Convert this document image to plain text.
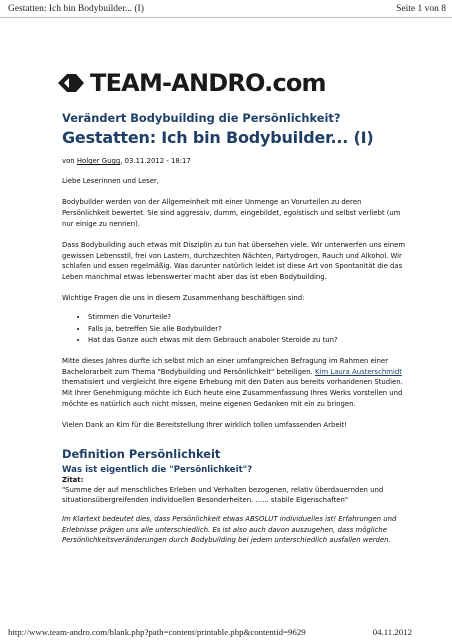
Gestatten: Ich bin Bodybuilder... (I)	Seite 1 von 8
TEAM-ANDRO.com
Verändert Bodybuilding die Persönlichkeit?
Gestatten: Ich bin Bodybuilder... (I)
von Holger Gugg, 03.11.2012 - 18:17

Liebe Leserinnen und Leser,

Bodybuilder werden von der Allgemeinheit mit einer Unmenge an Vorurteilen zu deren Persönlichkeit bewertet. Sie sind aggressiv, dumm, eingebildet, egoistisch und selbst verliebt (um nur einige zu nennen).

Dass Bodybuilding auch etwas mit Disziplin zu tun hat übersehen viele. Wir unterwerfen uns einem gewissen Lebensstil, frei von Lastern, durchzechten Nächten, Partydrogen, Rauch und Alkohol. Wir schlafen und essen regelmäßig. Was darunter natürlich leidet ist diese Art von Spontanität die das Leben manchmal etwas lebenswerter macht aber das ist eben Bodybuilding.

Wichtige Fragen die uns in diesem Zusammenhang beschäftigen sind:

• Stimmen die Vorurteile?
• Falls ja, betreffen Sie alle Bodybuilder?
• Hat das Ganze auch etwas mit dem Gebrauch anaboler Steroide zu tun?

Mitte dieses Jahres durfte ich selbst mich an einer umfangreichen Befragung im Rahmen einer Bachelorarbeit zum Thema "Bodybuilding und Persönlichkeit" beteiligen. Kim Laura Austerschmidt thematisiert und vergleicht Ihre eigene Erhebung mit den Daten aus bereits vorhandenen Studien. Mit Ihrer Genehmigung möchte ich Euch heute eine Zusammenfassung Ihres Werks vorstellen und möchte es natürlich auch nicht missen, meine eigenen Gedanken mit ein zu bringen.

Vielen Dank an Kim für die Bereitstellung Ihrer wirklich tollen umfassenden Arbeit!

Definition Persönlichkeit
Was ist eigentlich die "Persönlichkeit"?
Zitat:

"Summe der auf menschliches Erleben und Verhalten bezogenen, relativ überdauernden und situationsübergreifenden individuellen Besonderheiten. ...... stabile Eigenschaften"

Im Klartext bedeutet dies, dass Persönlichkeit etwas ABSOLUT individuelles ist! Erfahrungen und Erlebnisse prägen uns alle unterschiedlich. Es ist also auch davon auszugehen, dass mögliche Persönlichkeitsveränderungen durch Bodybuilding bei jedem unterschiedlich ausfallen werden.

http://www.team-andro.com/blank.php?path=content/printable.php&contentid=9629	04.11.2012
